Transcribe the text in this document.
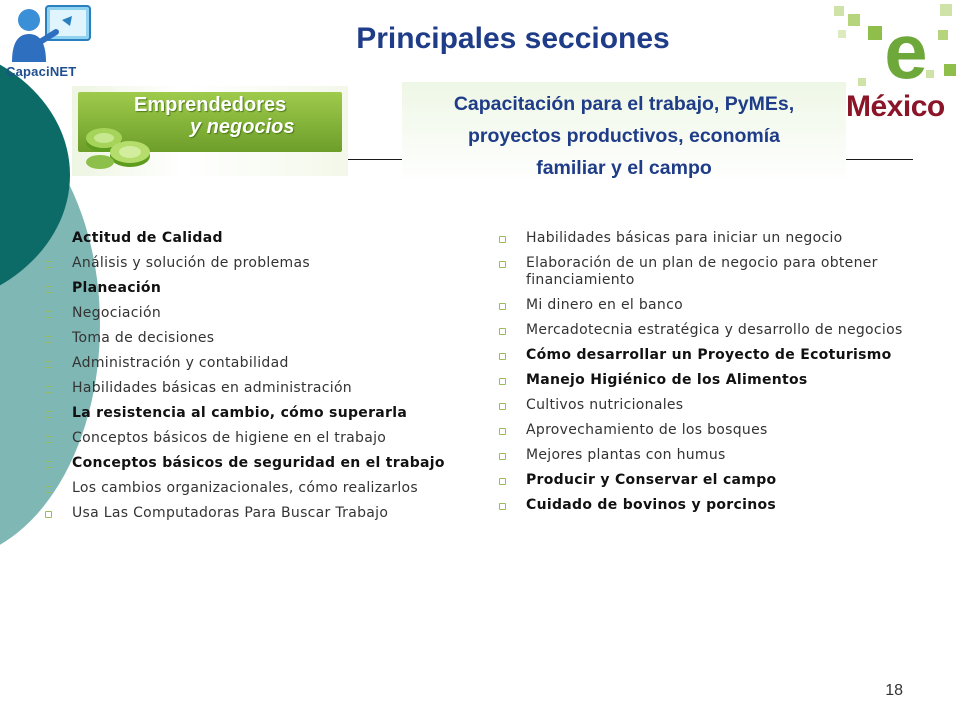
CapaciNET
Principales secciones	e
México
Emprendedores
y negocios
Capacitación para el trabajo, PyMEs,
proyectos productivos, economía
familiar y el campo
Actitud de Calidad
Análisis y solución de problemas
Planeación
Negociación
Toma de decisiones
Administración y contabilidad
Habilidades básicas en administración
La resistencia al cambio, cómo superarla
Conceptos básicos de higiene en el trabajo
Conceptos básicos de seguridad en el trabajo
Los cambios organizacionales, cómo realizarlos
Usa Las Computadoras Para Buscar Trabajo
Habilidades básicas para iniciar un negocio
Elaboración de un plan de negocio para obtener financiamiento
Mi dinero en el banco
Mercadotecnia estratégica y desarrollo de negocios
Cómo desarrollar un Proyecto de Ecoturismo
Manejo Higiénico de los Alimentos
Cultivos nutricionales
Aprovechamiento de los bosques
Mejores plantas con humus
Producir y Conservar el campo
Cuidado de bovinos y porcinos
18
